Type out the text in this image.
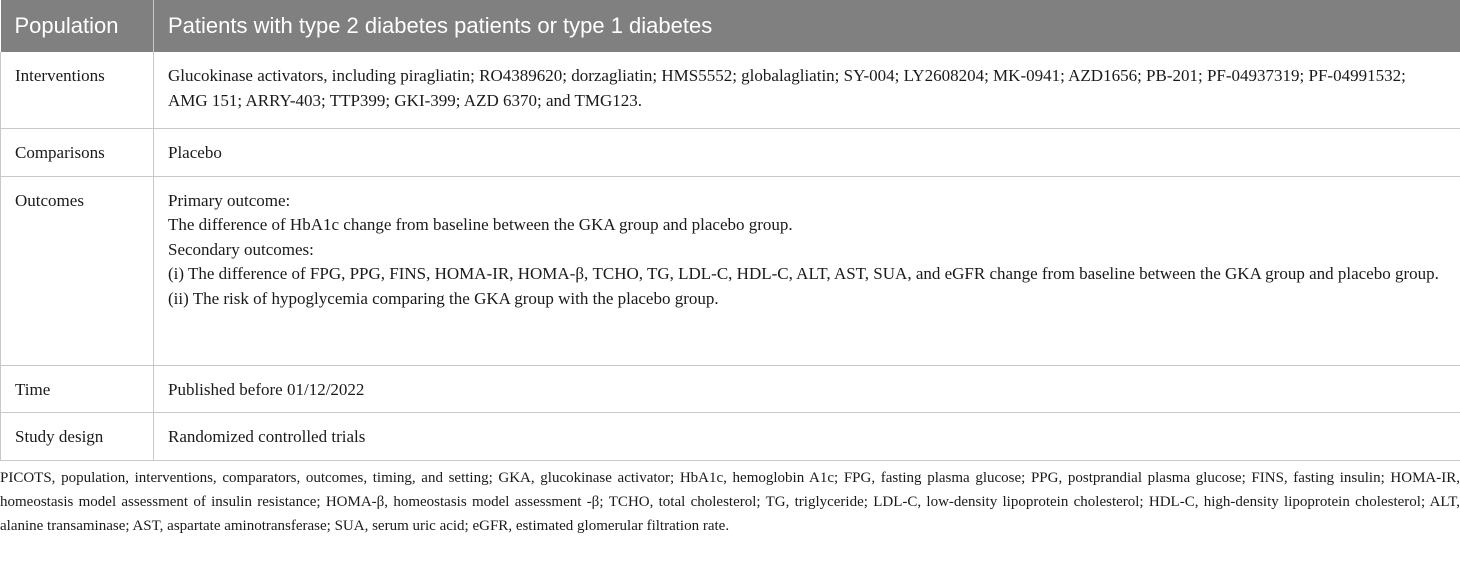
Population	Patients with type 2 diabetes patients or type 1 diabetes
Interventions	Glucokinase activators, including piragliatin; RO4389620; dorzagliatin; HMS5552; globalagliatin; SY-004; LY2608204; MK-0941; AZD1656; PB-201; PF-04937319; PF-04991532; AMG 151; ARRY-403; TTP399; GKI-399; AZD 6370; and TMG123.
Comparisons	Placebo
Outcomes	Primary outcome:
The difference of HbA1c change from baseline between the GKA group and placebo group.
Secondary outcomes:
(i) The difference of FPG, PPG, FINS, HOMA-IR, HOMA-β, TCHO, TG, LDL-C, HDL-C, ALT, AST, SUA, and eGFR change from baseline between the GKA group and placebo group.
(ii) The risk of hypoglycemia comparing the GKA group with the placebo group.

Time	Published before 01/12/2022
Study design	Randomized controlled trials
PICOTS, population, interventions, comparators, outcomes, timing, and setting; GKA, glucokinase activator; HbA1c, hemoglobin A1c; FPG, fasting plasma glucose; PPG, postprandial plasma glucose; FINS, fasting insulin; HOMA-IR, homeostasis model assessment of insulin resistance; HOMA-β, homeostasis model assessment -β; TCHO, total cholesterol; TG, triglyceride; LDL-C, low-density lipoprotein cholesterol; HDL-C, high-density lipoprotein cholesterol; ALT, alanine transaminase; AST, aspartate aminotransferase; SUA, serum uric acid; eGFR, estimated glomerular filtration rate.
